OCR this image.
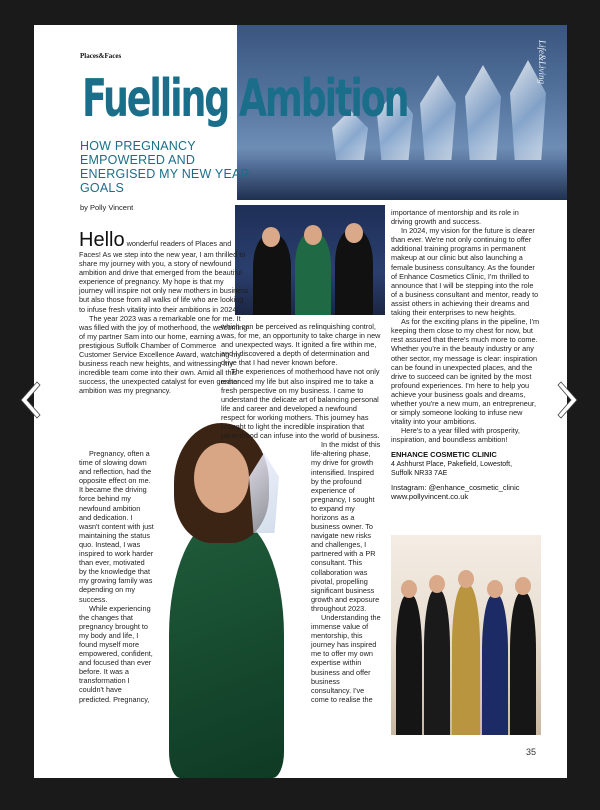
Places&Faces	Life&Living
Fuelling Ambition
HOW PREGNANCY EMPOWERED AND ENERGISED MY NEW YEAR GOALS
by Polly Vincent

Hello wonderful readers of Places and Faces! As we step into the new year, I am thrilled to share my journey with you, a story of newfound ambition and drive that emerged from the beautiful experience of pregnancy. My hope is that my journey will inspire not only new mothers in business but also those from all walks of life who are looking to infuse fresh vitality into their ambitions in 2024.

The year 2023 was a remarkable one for me. It was filled with the joy of motherhood, the welcoming of my partner Sam into our home, earning a prestigious Suffolk Chamber of Commerce Customer Service Excellence Award, watching my business reach new heights, and witnessing my incredible team come into their own. Amid all this success, the unexpected catalyst for even greater ambition was my pregnancy.

Pregnancy, often a time of slowing down and reflection, had the opposite effect on me. It became the driving force behind my newfound ambition and dedication. I wasn't content with just maintaining the status quo. Instead, I was inspired to work harder than ever, motivated by the knowledge that my growing family was depending on my success.

While experiencing the changes that pregnancy brought to my body and life, I found myself more empowered, confident, and focused than ever before. It was a transformation I couldn't have predicted. Pregnancy,

which can be perceived as relinquishing control, was, for me, an opportunity to take charge in new and unexpected ways. It ignited a fire within me, and I discovered a depth of determination and drive that I had never known before.

The experiences of motherhood have not only enhanced my life but also inspired me to take a fresh perspective on my business. I came to understand the delicate art of balancing personal life and career and developed a newfound respect for working mothers. This journey has brought to light the incredible inspiration that parenthood can infuse into the world of business.

In the midst of this life-altering phase, my drive for growth intensified. Inspired by the profound experience of pregnancy, I sought to expand my horizons as a business owner. To navigate new risks and challenges, I partnered with a PR consultant. This collaboration was pivotal, propelling significant business growth and exposure throughout 2023.

Understanding the immense value of mentorship, this journey has inspired me to offer my own expertise within business and offer business consultancy. I've come to realise the

importance of mentorship and its role in driving growth and success.

In 2024, my vision for the future is clearer than ever. We're not only continuing to offer additional training programs in permanent makeup at our clinic but also launching a female business consultancy. As the founder of Enhance Cosmetics Clinic, I'm thrilled to announce that I will be stepping into the role of a business consultant and mentor, ready to assist others in achieving their dreams and taking their enterprises to new heights.

As for the exciting plans in the pipeline, I'm keeping them close to my chest for now, but rest assured that there's much more to come. Whether you're in the beauty industry or any other sector, my message is clear: inspiration can be found in unexpected places, and the drive to succeed can be ignited by the most profound experiences. I'm here to help you achieve your business goals and dreams, whether you're a new mum, an entrepreneur, or simply someone looking to infuse new vitality into your ambitions.

Here's to a year filled with prosperity, inspiration, and boundless ambition!

ENHANCE COSMETIC CLINIC
4 Ashhurst Place, Pakefield, Lowestoft,
Suffolk NR33 7AE
Instagram: @enhance_cosmetic_clinic
www.pollyvincent.co.uk
35
